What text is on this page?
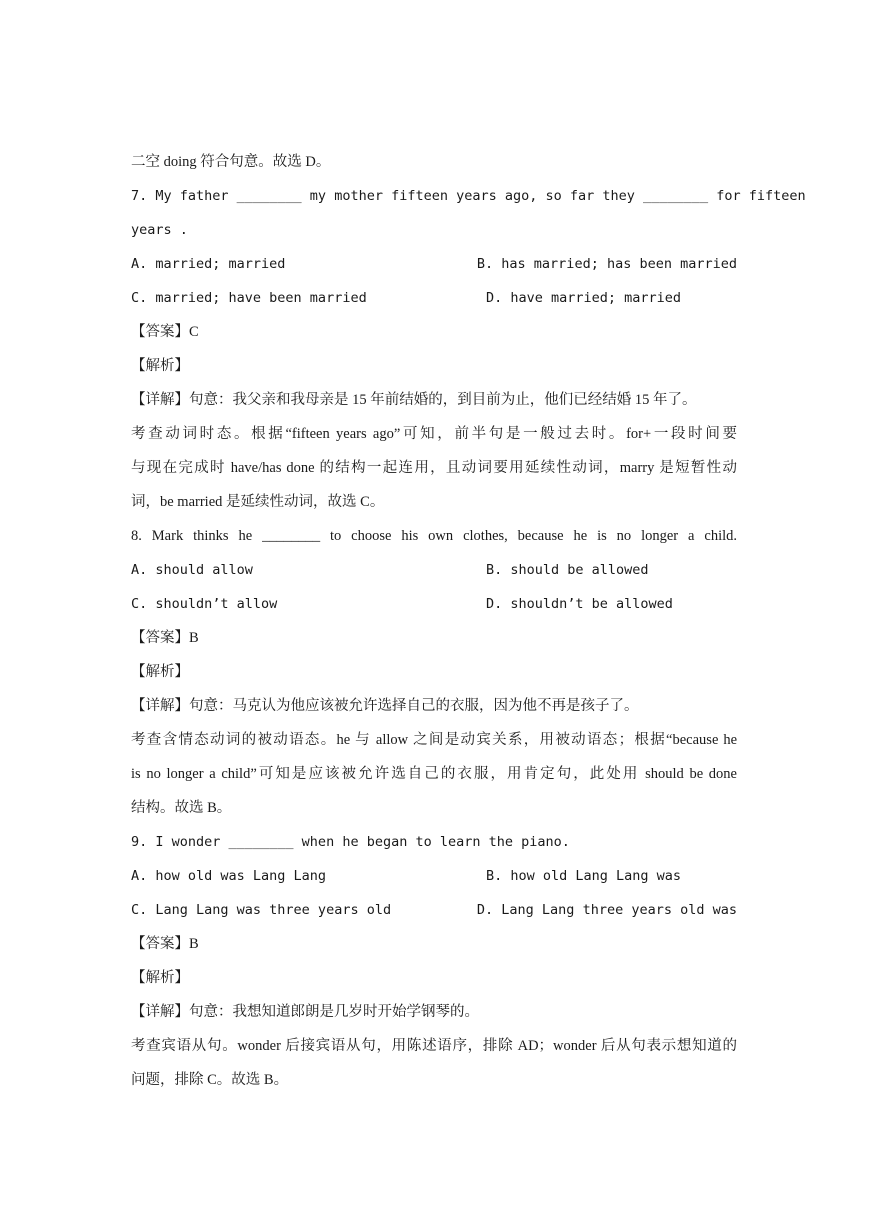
二空 doing 符合句意。故选 D。
7. My father ________ my mother fifteen years ago, so far they ________ for fifteen
years .
A. married; married	B. has married; has been married
C. married; have been married	D. have married; married
【答案】C
【解析】
【详解】句意：我父亲和我母亲是 15 年前结婚的，到目前为止，他们已经结婚 15 年了。
考查动词时态。根据“fifteen years ago”可知，前半句是一般过去时。for+一段时间要
与现在完成时 have/has done 的结构一起连用，且动词要用延续性动词，marry 是短暂性动
词，be married 是延续性动词，故选 C。
8. Mark thinks he ________ to choose his own clothes, because he is no longer a child.
A. should allow	B. should be allowed
C. shouldn’t allow	D. shouldn’t be allowed
【答案】B
【解析】
【详解】句意：马克认为他应该被允许选择自己的衣服，因为他不再是孩子了。
考查含情态动词的被动语态。he 与 allow 之间是动宾关系，用被动语态；根据“because he
is no longer a child”可知是应该被允许选自己的衣服，用肯定句，此处用 should be done
结构。故选 B。
9. I wonder ________ when he began to learn the piano.
A. how old was Lang Lang	B. how old Lang Lang was
C. Lang Lang was three years old	D. Lang Lang three years old was
【答案】B
【解析】
【详解】句意：我想知道郎朗是几岁时开始学钢琴的。
考查宾语从句。wonder 后接宾语从句，用陈述语序，排除 AD；wonder 后从句表示想知道的
问题，排除 C。故选 B。
